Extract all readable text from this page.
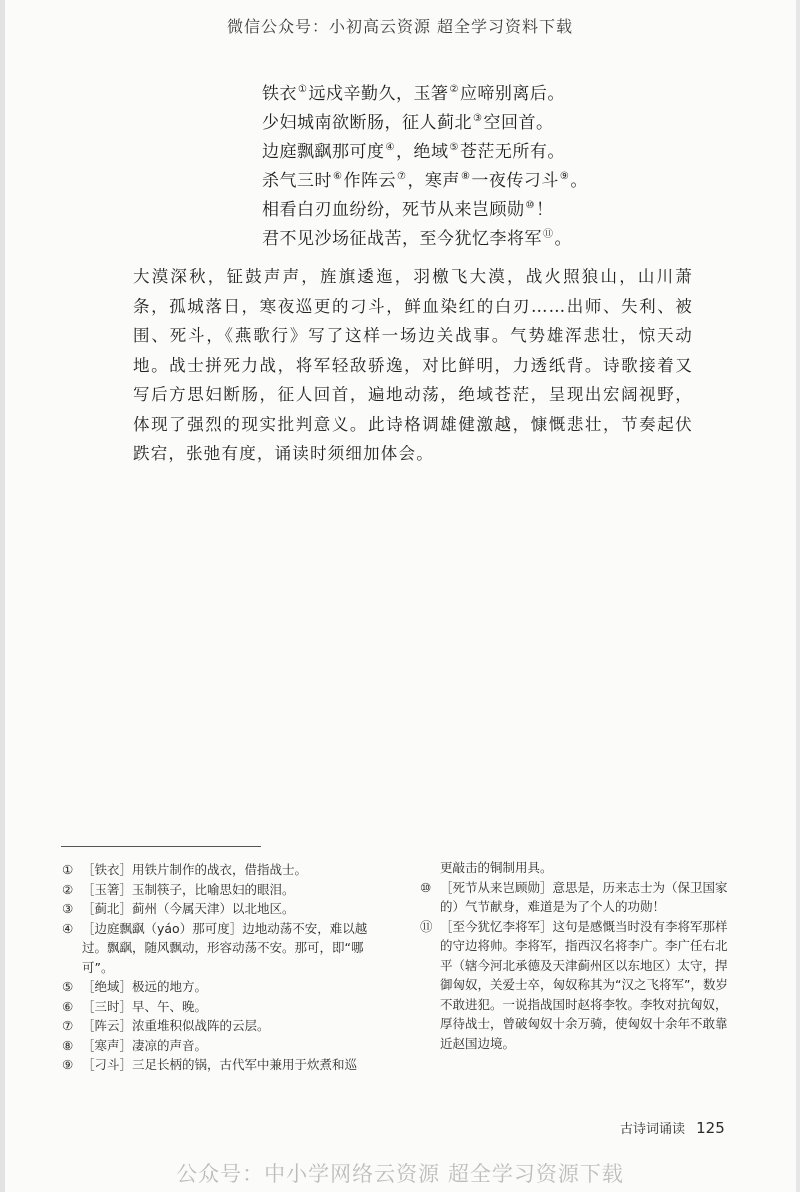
微信公众号：小初高云资源 超全学习资料下载
铁衣①远戍辛勤久，玉箸②应啼别离后。
少妇城南欲断肠，征人蓟北③空回首。
边庭飘飖那可度④，绝域⑤苍茫无所有。
杀气三时⑥作阵云⑦，寒声⑧一夜传刁斗⑨。
相看白刃血纷纷，死节从来岂顾勋⑩！
君不见沙场征战苦，至今犹忆李将军⑪。
大漠深秋，钲鼓声声，旌旗逶迤，羽檄飞大漠，战火照狼山，山川萧条，孤城落日，寒夜巡更的刁斗，鲜血染红的白刃……出师、失利、被围、死斗，《燕歌行》写了这样一场边关战事。气势雄浑悲壮，惊天动地。战士拼死力战，将军轻敌骄逸，对比鲜明，力透纸背。诗歌接着又写后方思妇断肠，征人回首，遍地动荡，绝域苍茫，呈现出宏阔视野，体现了强烈的现实批判意义。此诗格调雄健激越，慷慨悲壮，节奏起伏跌宕，张弛有度，诵读时须细加体会。
① ［铁衣］用铁片制作的战衣，借指战士。
② ［玉箸］玉制筷子，比喻思妇的眼泪。
③ ［蓟北］蓟州（今属天津）以北地区。
④ ［边庭飘飖（yáo）那可度］边地动荡不安，难以越过。飘飖，随风飘动，形容动荡不安。那可，即“哪可”。
⑤ ［绝域］极远的地方。
⑥ ［三时］早、午、晚。
⑦ ［阵云］浓重堆积似战阵的云层。
⑧ ［寒声］凄凉的声音。
⑨ ［刁斗］三足长柄的锅，古代军中兼用于炊煮和巡
更敲击的铜制用具。
⑩ ［死节从来岂顾勋］意思是，历来志士为（保卫国家的）气节献身，难道是为了个人的功勋！
⑪ ［至今犹忆李将军］这句是感慨当时没有李将军那样的守边将帅。李将军，指西汉名将李广。李广任右北平（辖今河北承德及天津蓟州区以东地区）太守，捍御匈奴，关爱士卒，匈奴称其为“汉之飞将军”，数岁不敢进犯。一说指战国时赵将李牧。李牧对抗匈奴，厚待战士，曾破匈奴十余万骑，使匈奴十余年不敢靠近赵国边境。
古诗词诵读 125
公众号：中小学网络云资源 超全学习资源下载
